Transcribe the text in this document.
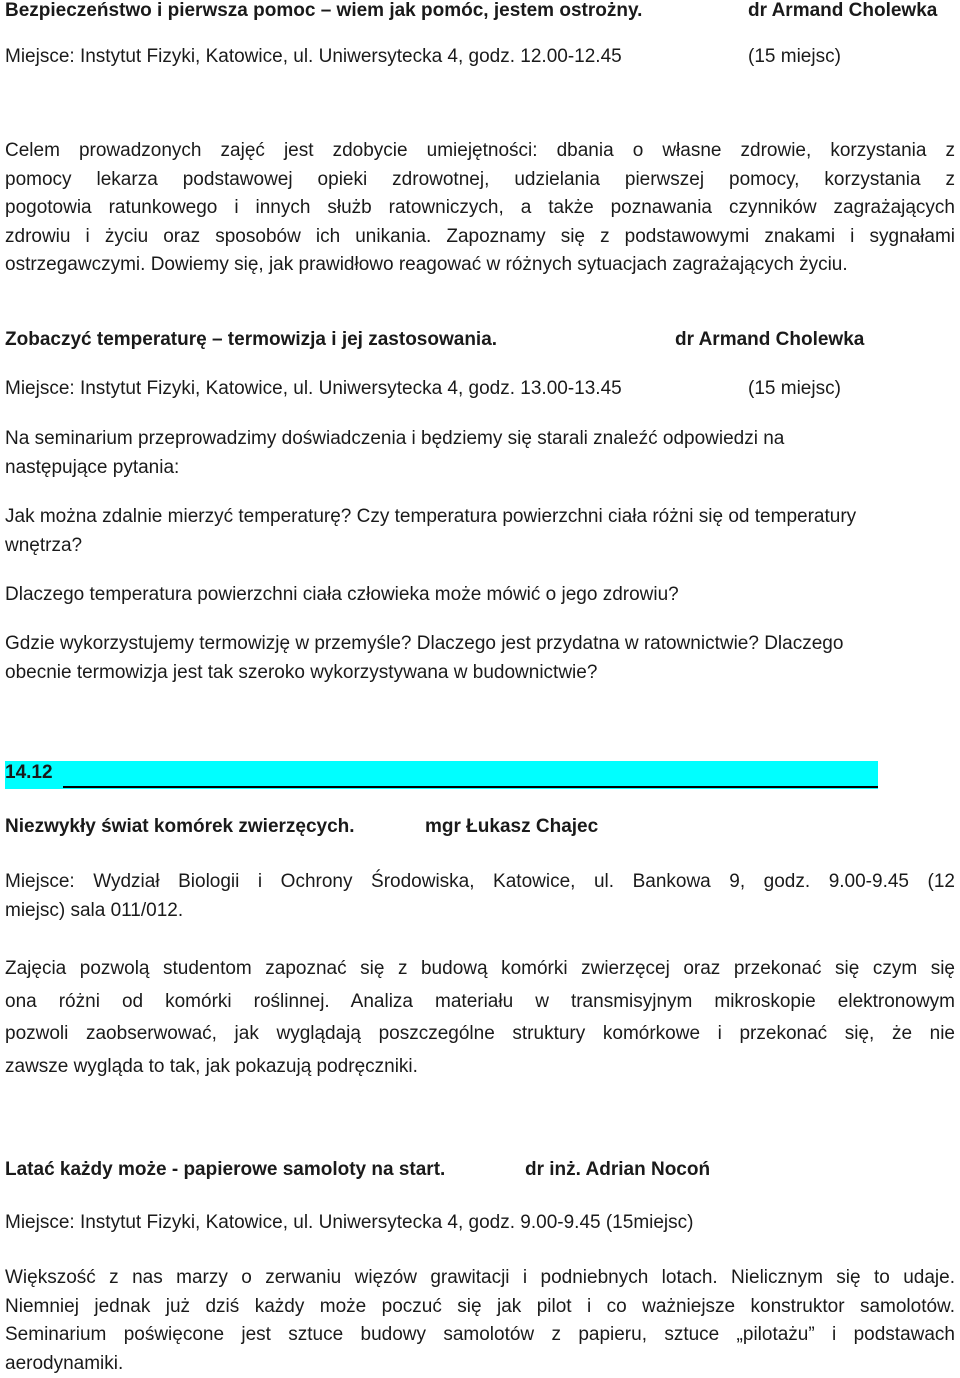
Bezpieczeństwo i pierwsza pomoc – wiem jak pomóc, jestem ostrożny.	dr Armand Cholewka
Miejsce: Instytut Fizyki, Katowice, ul. Uniwersytecka 4, godz. 12.00-12.45	(15 miejsc)
Celem prowadzonych zajęć jest zdobycie umiejętności: dbania o własne zdrowie, korzystania z
pomocy lekarza podstawowej opieki zdrowotnej, udzielania pierwszej pomocy, korzystania z
pogotowia ratunkowego i innych służb ratowniczych, a także poznawania czynników zagrażających
zdrowiu i życiu oraz sposobów ich unikania. Zapoznamy się z podstawowymi znakami i sygnałami
ostrzegawczymi. Dowiemy się, jak prawidłowo reagować w różnych sytuacjach zagrażających życiu.
Zobaczyć temperaturę – termowizja i jej zastosowania.	dr Armand Cholewka
Miejsce: Instytut Fizyki, Katowice, ul. Uniwersytecka 4, godz. 13.00-13.45	(15 miejsc)
Na seminarium przeprowadzimy doświadczenia i będziemy się starali znaleźć odpowiedzi na
następujące pytania:
Jak można zdalnie mierzyć temperaturę? Czy temperatura powierzchni ciała różni się od temperatury
wnętrza?
Dlaczego temperatura powierzchni ciała człowieka może mówić o jego zdrowiu?
Gdzie wykorzystujemy termowizję w przemyśle? Dlaczego jest przydatna w ratownictwie? Dlaczego
obecnie termowizja jest tak szeroko wykorzystywana w budownictwie?
14.12
Niezwykły świat komórek zwierzęcych.	mgr Łukasz Chajec
Miejsce: Wydział Biologii i Ochrony Środowiska, Katowice, ul. Bankowa 9, godz. 9.00-9.45 (12
miejsc) sala 011/012.
Zajęcia pozwolą studentom zapoznać się z budową komórki zwierzęcej oraz przekonać się czym się
ona różni od komórki roślinnej. Analiza materiału w transmisyjnym mikroskopie elektronowym
pozwoli zaobserwować, jak wyglądają poszczególne struktury komórkowe i przekonać się, że nie
zawsze wygląda to tak, jak pokazują podręczniki.
Latać każdy może - papierowe samoloty na start.	dr inż. Adrian Nocoń
Miejsce: Instytut Fizyki, Katowice, ul. Uniwersytecka 4, godz. 9.00-9.45 (15miejsc)
Większość z nas marzy o zerwaniu więzów grawitacji i podniebnych lotach. Nielicznym się to udaje.
Niemniej jednak już dziś każdy może poczuć się jak pilot i co ważniejsze konstruktor samolotów.
Seminarium poświęcone jest sztuce budowy samolotów z papieru, sztuce „pilotażu” i podstawach
aerodynamiki.
